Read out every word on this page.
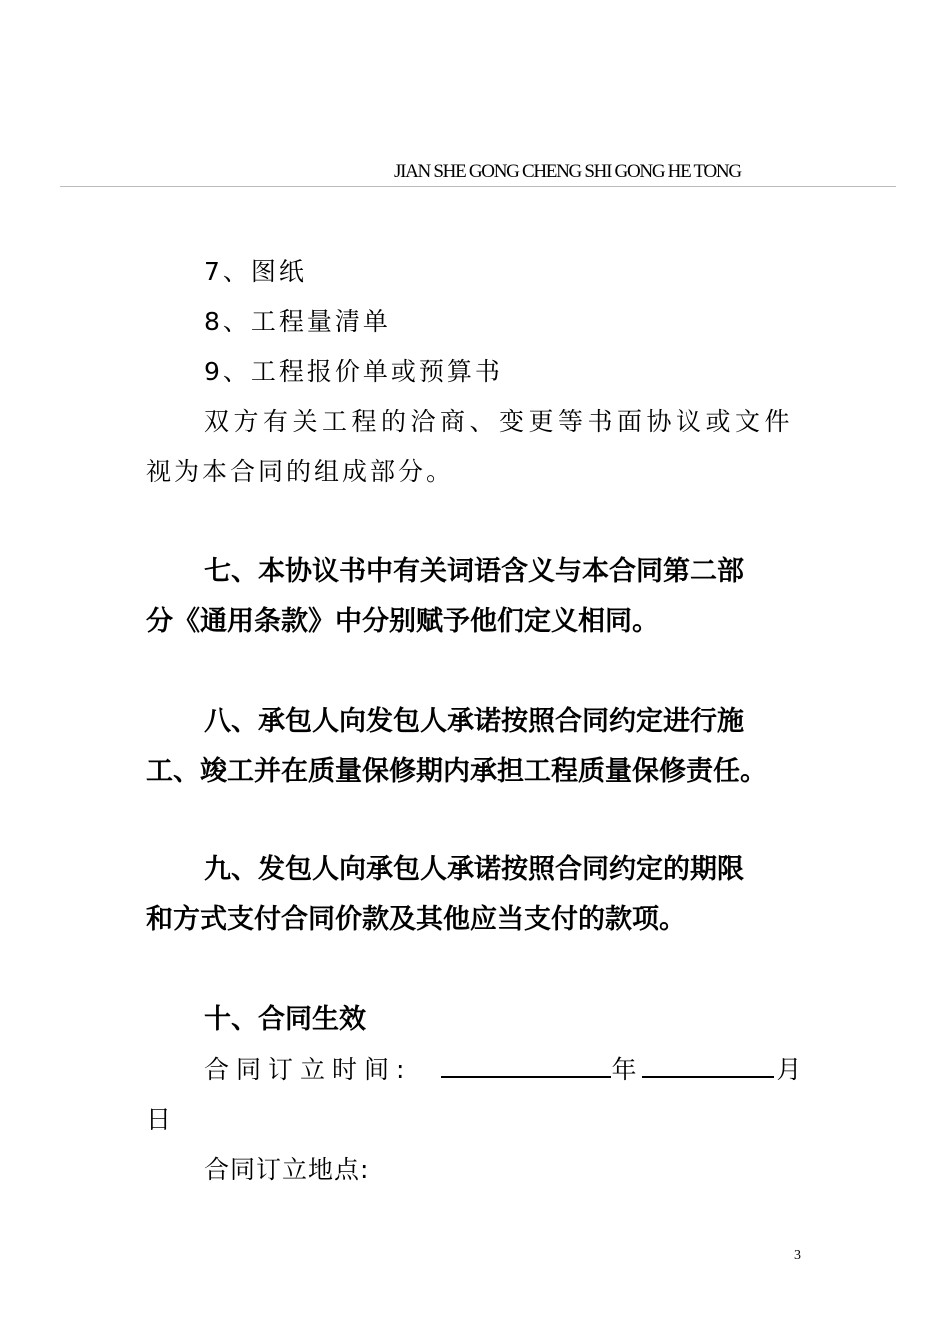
JIAN SHE GONG CHENG SHI GONG HE TONG
7、图纸
8、工程量清单
9、工程报价单或预算书
双方有关工程的洽商、变更等书面协议或文件
视为本合同的组成部分。
七、本协议书中有关词语含义与本合同第二部
分《通用条款》中分别赋予他们定义相同。
八、承包人向发包人承诺按照合同约定进行施
工、竣工并在质量保修期内承担工程质量保修责任。
九、发包人向承包人承诺按照合同约定的期限
和方式支付合同价款及其他应当支付的款项。
十、合同生效
合同订立时间:	年	月
日
合同订立地点:
3
